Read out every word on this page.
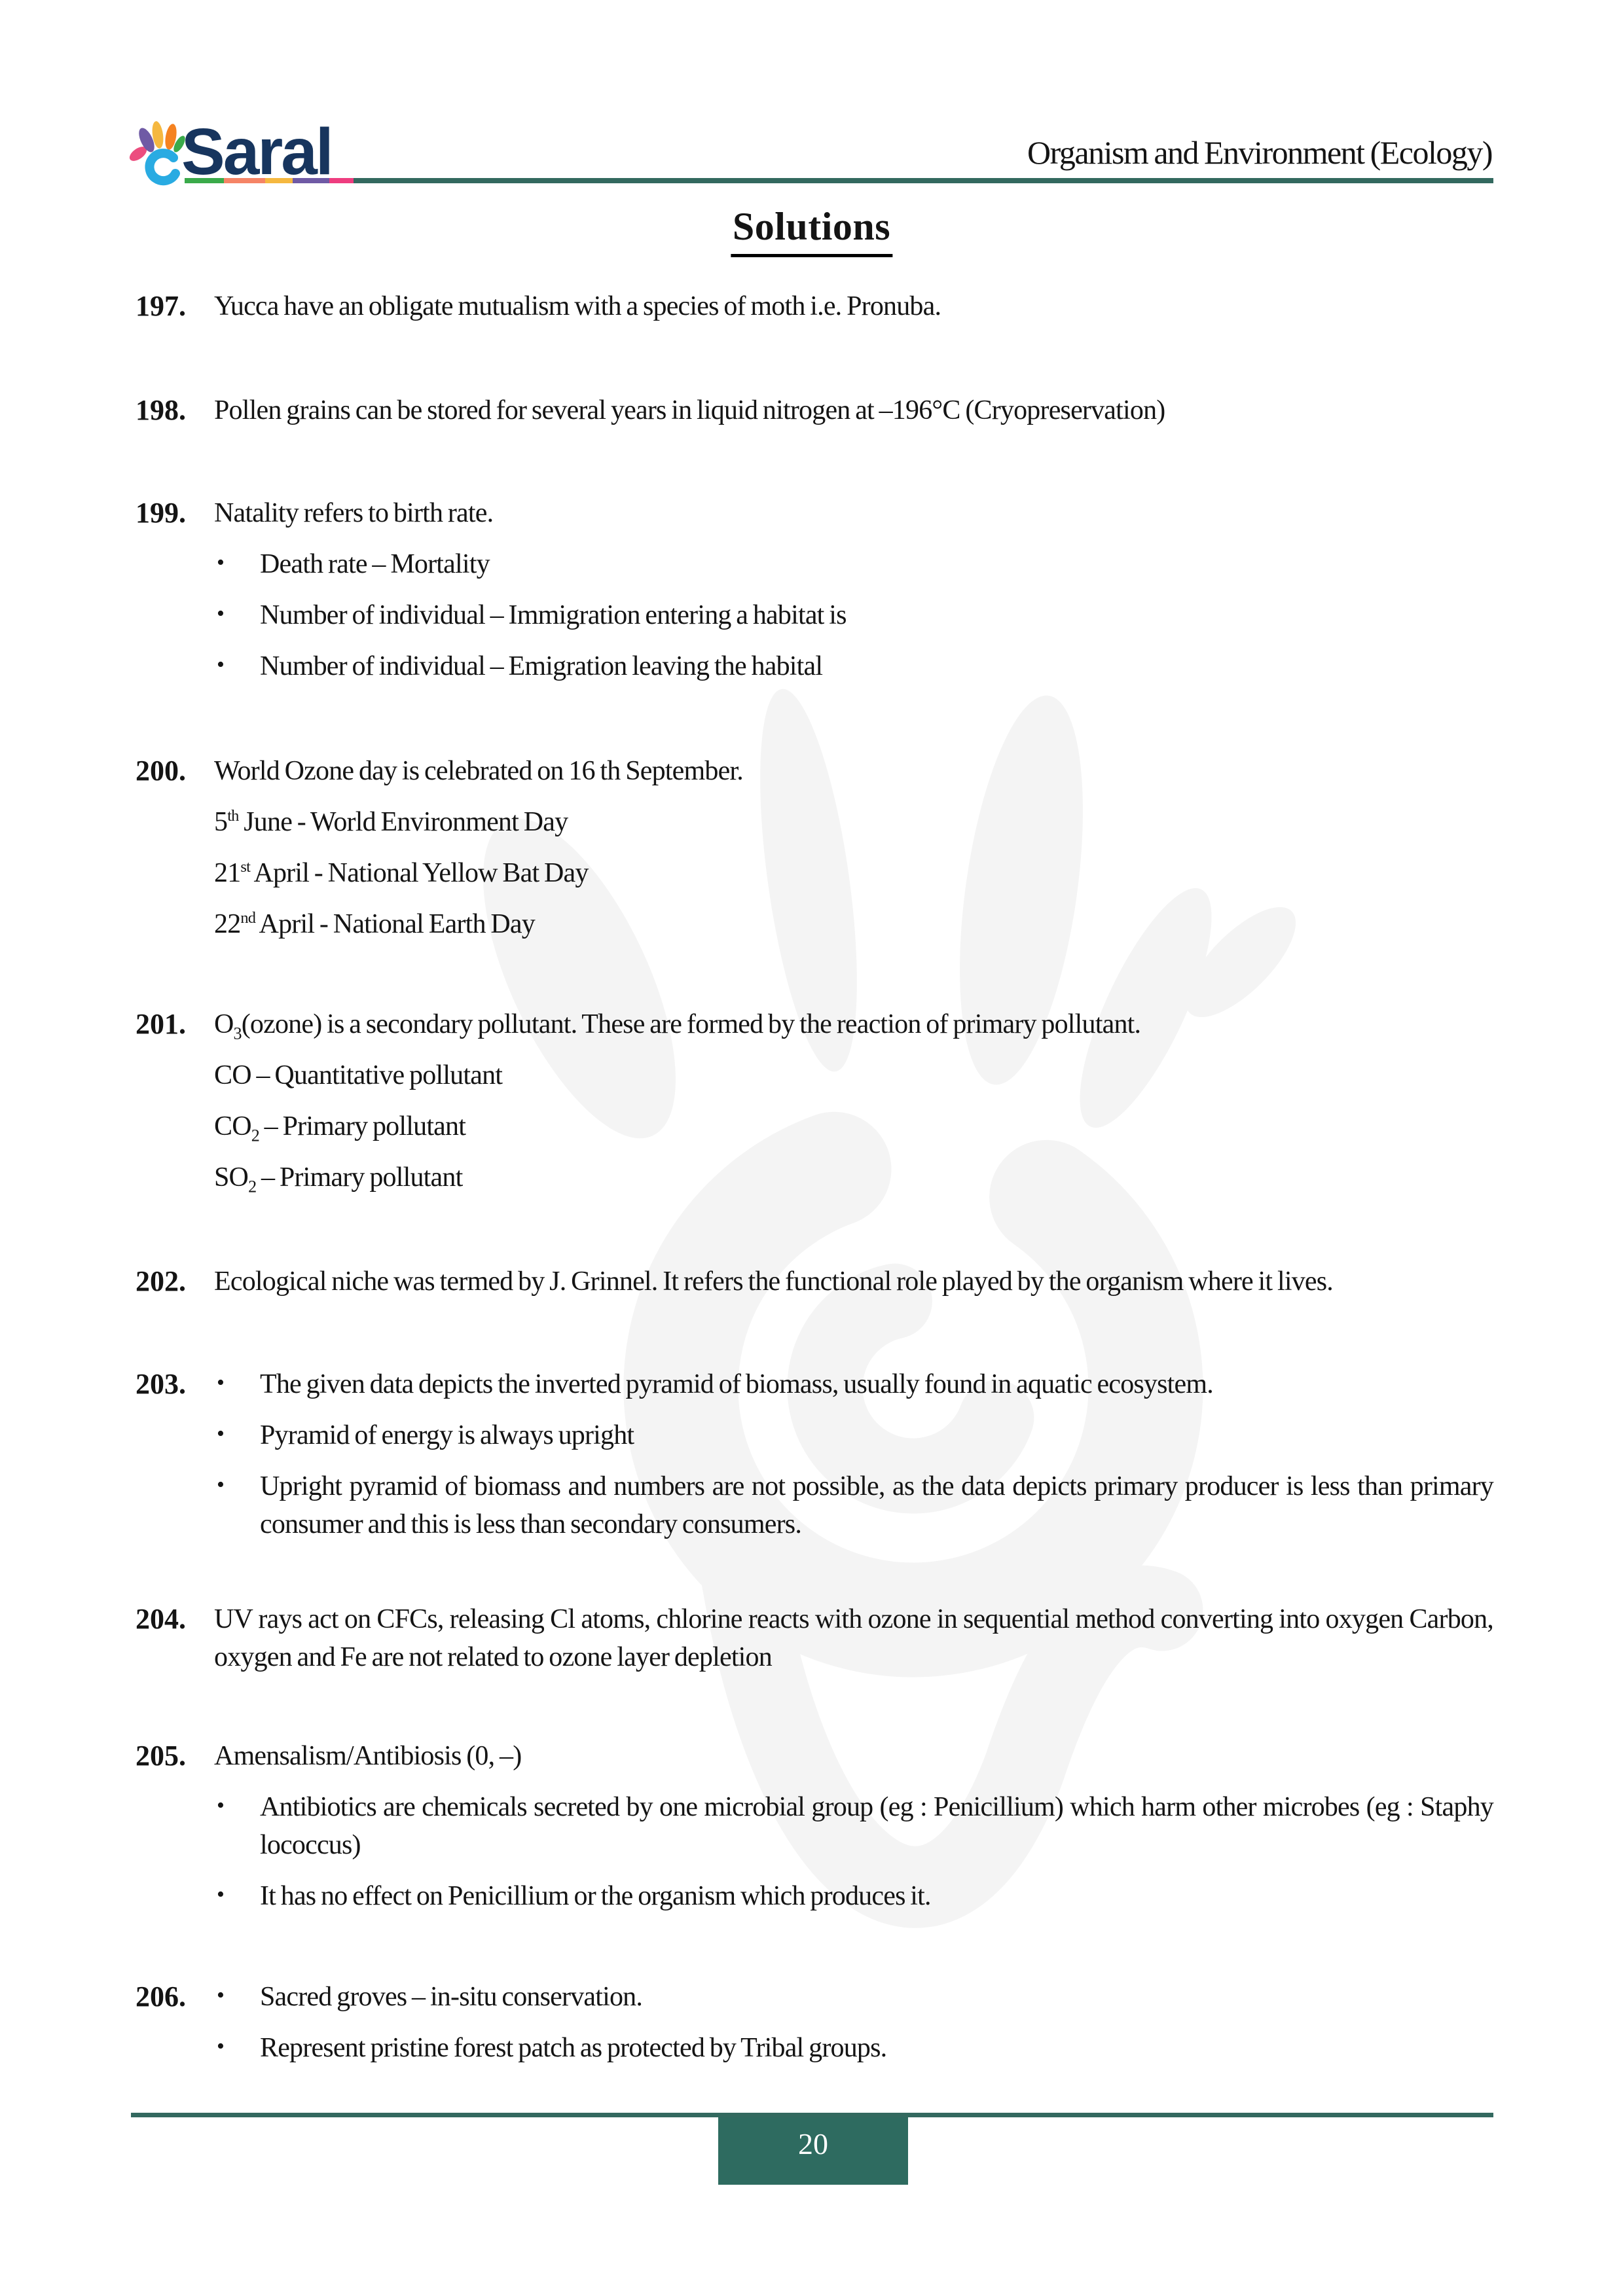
Saral	Organism and Environment (Ecology)
Solutions
197. Yucca have an obligate mutualism with a species of moth i.e. Pronuba.

198. Pollen grains can be stored for several years in liquid nitrogen at –196°C (Cryopreservation)

199. Natality refers to birth rate.

• Death rate – Mortality

• Number of individual – Immigration entering a habitat is

• Number of individual – Emigration leaving the habital

200. World Ozone day is celebrated on 16 th September.

5th June - World Environment Day

21st April - National Yellow Bat Day

22nd April - National Earth Day

201. $O_3(ozone)$ is a secondary pollutant. These are formed by the reaction of primary pollutant.

CO – Quantitative pollutant

$CO_2$ – Primary pollutant

$SO_2$ – Primary pollutant

202. Ecological niche was termed by J. Grinnel. It refers the functional role played by the organism where it lives.

203. • The given data depicts the inverted pyramid of biomass, usually found in aquatic ecosystem.

• Pyramid of energy is always upright

• Upright pyramid of biomass and numbers are not possible, as the data depicts primary producer is less than primary consumer and this is less than secondary consumers.

204. UV rays act on CFCs, releasing Cl atoms, chlorine reacts with ozone in sequential method converting into oxygen Carbon, oxygen and Fe are not related to ozone layer depletion

205. Amensalism/Antibiosis (0, –)

• Antibiotics are chemicals secreted by one microbial group (eg : Penicillium) which harm other microbes (eg : Staphy lococcus)

• It has no effect on Penicillium or the organism which produces it.

206. • Sacred groves – in-situ conservation.

• Represent pristine forest patch as protected by Tribal groups.

20
